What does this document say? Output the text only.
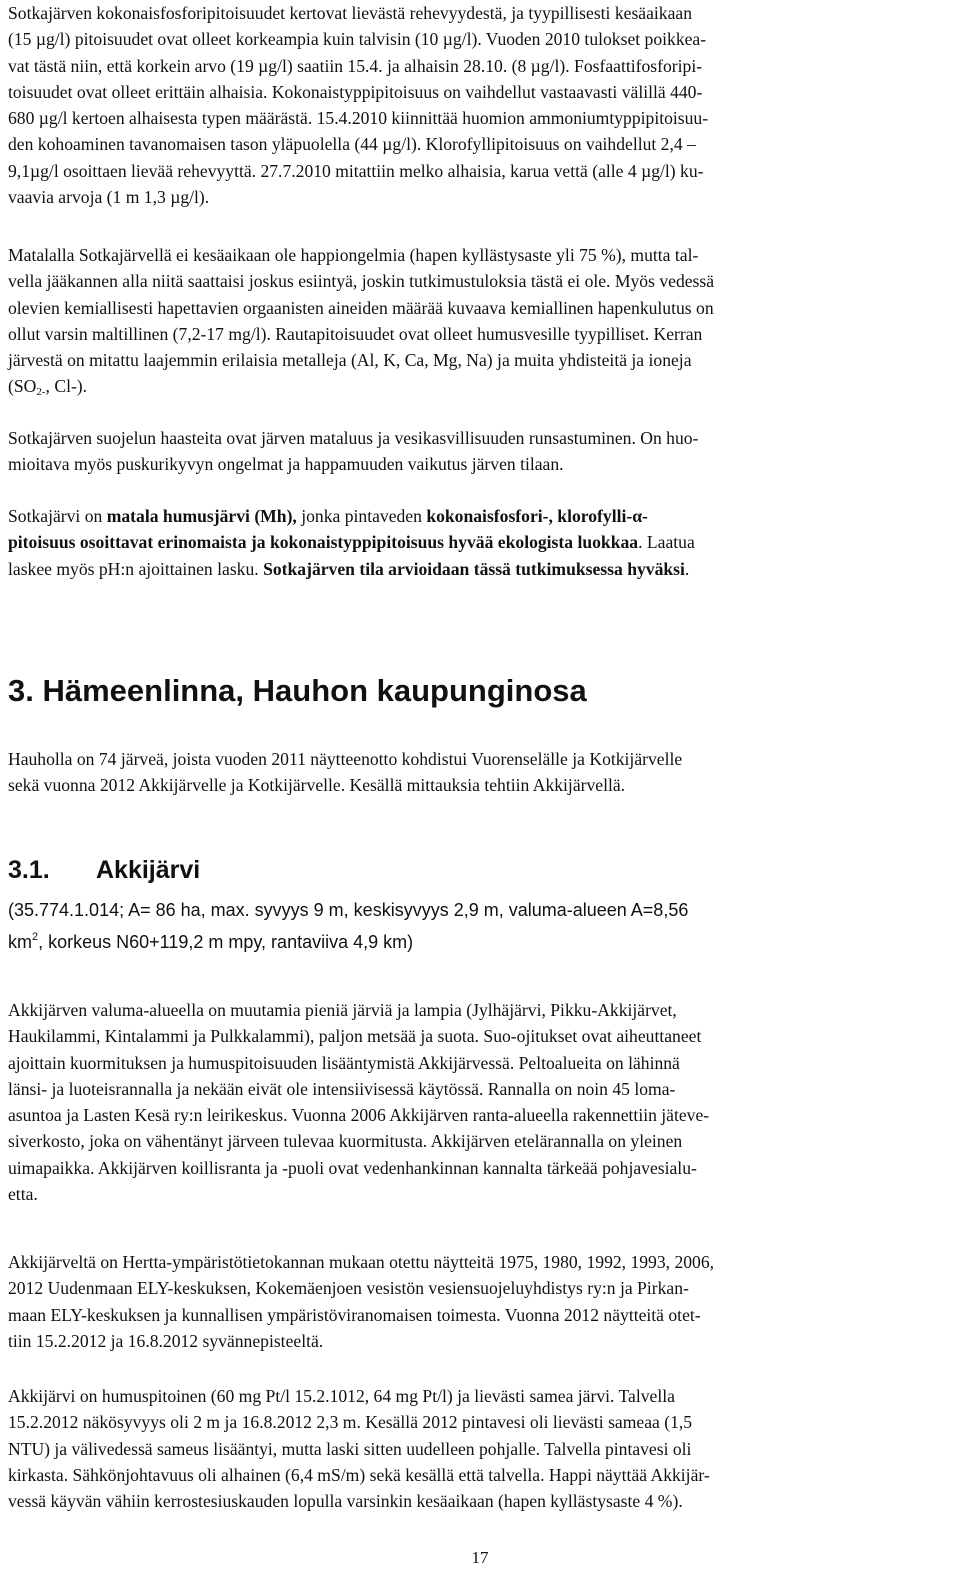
Sotkajärven kokonaisfosforipitoisuudet kertovat lievästä rehevyydestä, ja tyypillisesti kesäaikaan
(15 µg/l) pitoisuudet ovat olleet korkeampia kuin talvisin (10 µg/l). Vuoden 2010 tulokset poikkea-
vat tästä niin, että korkein arvo (19 µg/l) saatiin 15.4. ja alhaisin 28.10. (8 µg/l). Fosfaattifosforipi-
toisuudet ovat olleet erittäin alhaisia. Kokonaistyppipitoisuus on vaihdellut vastaavasti välillä 440-
680 µg/l kertoen alhaisesta typen määrästä. 15.4.2010 kiinnittää huomion ammoniumtyppipitoisuu-
den kohoaminen tavanomaisen tason yläpuolella (44 µg/l). Klorofyllipitoisuus on vaihdellut 2,4 –
9,1µg/l osoittaen lievää rehevyyttä. 27.7.2010 mitattiin melko alhaisia, karua vettä (alle 4 µg/l) ku-
vaavia arvoja (1 m 1,3 µg/l).

Matalalla Sotkajärvellä ei kesäaikaan ole happiongelmia (hapen kyllästysaste yli 75 %), mutta tal-
vella jääkannen alla niitä saattaisi joskus esiintyä, joskin tutkimustuloksia tästä ei ole. Myös vedessä
olevien kemiallisesti hapettavien orgaanisten aineiden määrää kuvaava kemiallinen hapenkulutus on
ollut varsin maltillinen (7,2-17 mg/l). Rautapitoisuudet ovat olleet humusvesille tyypilliset. Kerran
järvestä on mitattu laajemmin erilaisia metalleja (Al, K, Ca, Mg, Na) ja muita yhdisteitä ja ioneja
($SO_{2-}$, Cl-).

Sotkajärven suojelun haasteita ovat järven mataluus ja vesikasvillisuuden runsastuminen. On huo-
mioitava myös puskurikyvyn ongelmat ja happamuuden vaikutus järven tilaan.

Sotkajärvi on matala humusjärvi (Mh), jonka pintaveden kokonaisfosfori-, klorofylli-α-
pitoisuus osoittavat erinomaista ja kokonaistyppipitoisuus hyvää ekologista luokkaa. Laatua
laskee myös pH:n ajoittainen lasku. Sotkajärven tila arvioidaan tässä tutkimuksessa hyväksi.

3. Hämeenlinna, Hauhon kaupunginosa

Hauholla on 74 järveä, joista vuoden 2011 näytteenotto kohdistui Vuorenselälle ja Kotkijärvelle
sekä vuonna 2012 Akkijärvelle ja Kotkijärvelle. Kesällä mittauksia tehtiin Akkijärvellä.

3.1. Akkijärvi

(35.774.1.014; A= 86 ha, max. syvyys 9 m, keskisyvyys 2,9 m, valuma-alueen A=8,56

$km^2$, korkeus N60+119,2 m mpy, rantaviiva 4,9 km)

Akkijärven valuma-alueella on muutamia pieniä järviä ja lampia (Jylhäjärvi, Pikku-Akkijärvet,
Haukilammi, Kintalammi ja Pulkkalammi), paljon metsää ja suota. Suo-ojitukset ovat aiheuttaneet
ajoittain kuormituksen ja humuspitoisuuden lisääntymistä Akkijärvessä. Peltoalueita on lähinnä
länsi- ja luoteisrannalla ja nekään eivät ole intensiivisessä käytössä. Rannalla on noin 45 loma-
asuntoa ja Lasten Kesä ry:n leirikeskus. Vuonna 2006 Akkijärven ranta-alueella rakennettiin jäteve-
siverkosto, joka on vähentänyt järveen tulevaa kuormitusta. Akkijärven etelärannalla on yleinen
uimapaikka. Akkijärven koillisranta ja -puoli ovat vedenhankinnan kannalta tärkeää pohjavesialu-
etta.

Akkijärveltä on Hertta-ympäristötietokannan mukaan otettu näytteitä 1975, 1980, 1992, 1993, 2006,
2012 Uudenmaan ELY-keskuksen, Kokemäenjoen vesistön vesiensuojeluyhdistys ry:n ja Pirkan-
maan ELY-keskuksen ja kunnallisen ympäristöviranomaisen toimesta. Vuonna 2012 näytteitä otet-
tiin 15.2.2012 ja 16.8.2012 syvännepisteeltä.

Akkijärvi on humuspitoinen (60 mg Pt/l 15.2.1012, 64 mg Pt/l) ja lievästi samea järvi. Talvella
15.2.2012 näkösyvyys oli 2 m ja 16.8.2012 2,3 m. Kesällä 2012 pintavesi oli lievästi sameaa (1,5
NTU) ja välivedessä sameus lisääntyi, mutta laski sitten uudelleen pohjalle. Talvella pintavesi oli
kirkasta. Sähkönjohtavuus oli alhainen (6,4 mS/m) sekä kesällä että talvella. Happi näyttää Akkijär-
vessä käyvän vähiin kerrostesiuskauden lopulla varsinkin kesäaikaan (hapen kyllästysaste 4 %).

17
